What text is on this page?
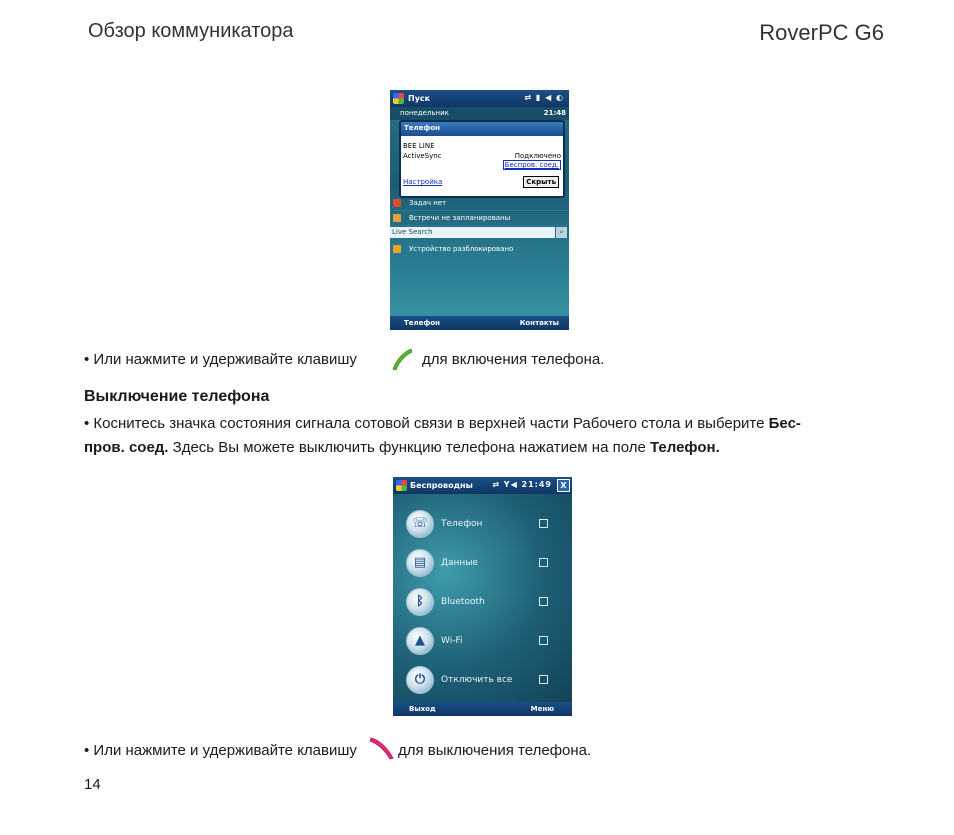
Обзор коммуникатора	RoverPC G6
Пуск	⇄ ▮ ◀ ◐
понедельник	21:48
Телефон
BEE LINE
ActiveSync	Подключено
Беспров. соед.
Настройка	Скрыть
Задач нет
Встречи не запланированы
Live Search	⌕
Устройство разблокировано
Телефон	Контакты
• Или нажмите и удерживайте клавишу	для включения телефона.
Выключение телефона
• Коснитесь значка состояния сигнала сотовой связи в верхней части Рабочего стола и выберите Бес-
пров. соед. Здесь Вы можете выключить функцию телефона нажатием на поле Телефон.
Беспроводны ⇄ Y◀ 21:49	X
☏	Телефон
▤	Данные
ᛒ	Bluetooth
▲	Wi-Fi
⏻	Отключить все
Выход	Меню
• Или нажмите и удерживайте клавишу	для выключения телефона.
14
